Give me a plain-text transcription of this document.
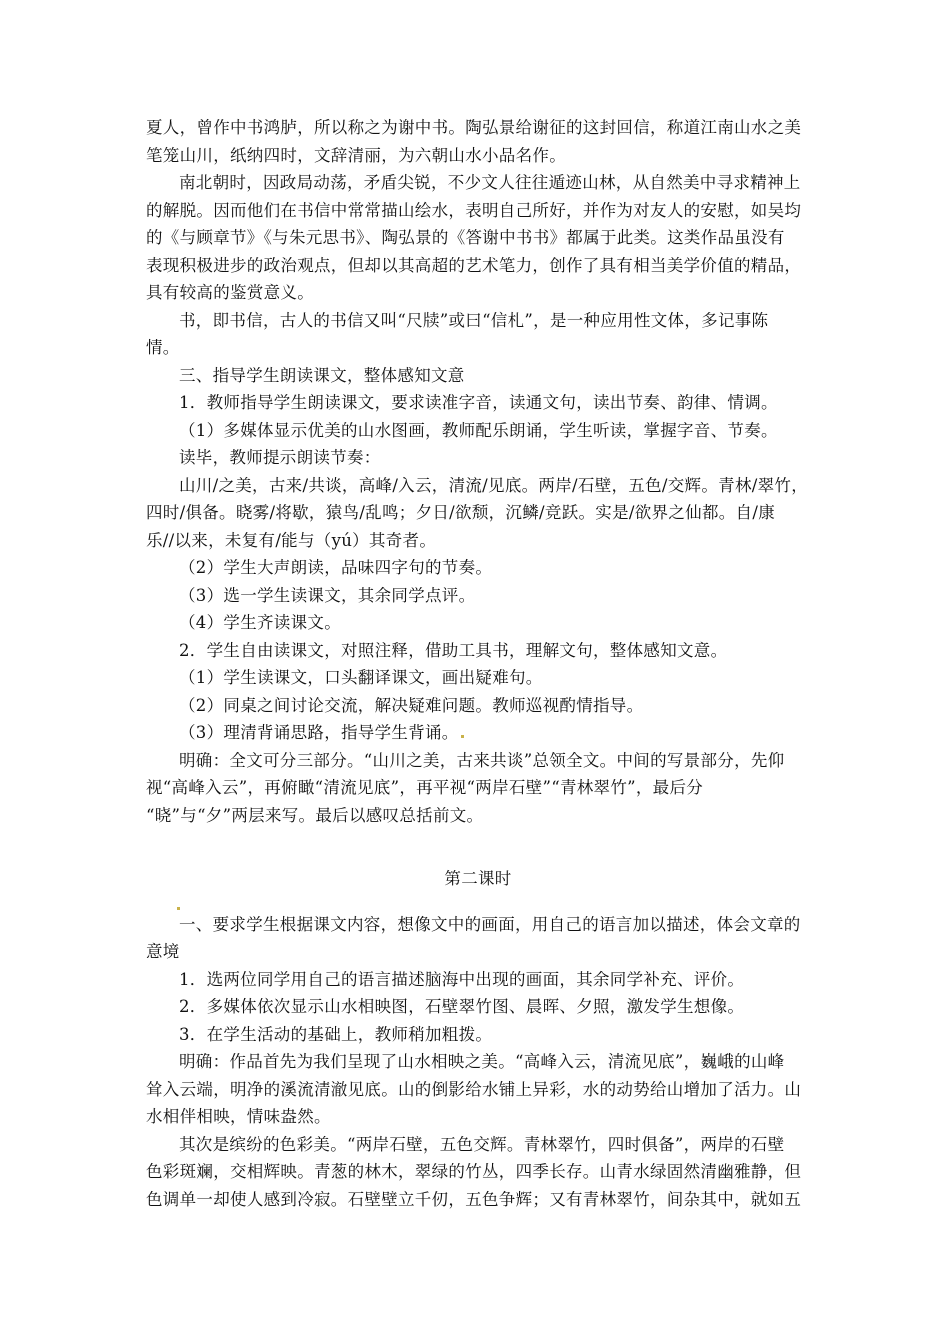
夏人，曾作中书鸿胪，所以称之为谢中书。陶弘景给谢征的这封回信，称道江南山水之美
笔笼山川，纸纳四时，文辞清丽，为六朝山水小品名作。
南北朝时，因政局动荡，矛盾尖锐，不少文人往往遁迹山林，从自然美中寻求精神上
的解脱。因而他们在书信中常常描山绘水，表明自己所好，并作为对友人的安慰，如吴均
的《与顾章节》《与朱元思书》、陶弘景的《答谢中书书》都属于此类。这类作品虽没有
表现积极进步的政治观点，但却以其高超的艺术笔力，创作了具有相当美学价值的精品，
具有较高的鉴赏意义。
书，即书信，古人的书信又叫“尺牍”或曰“信札”，是一种应用性文体，多记事陈
情。
三、指导学生朗读课文，整体感知文意
1．教师指导学生朗读课文，要求读准字音，读通文句，读出节奏、韵律、情调。
（1）多媒体显示优美的山水图画，教师配乐朗诵，学生听读，掌握字音、节奏。
读毕，教师提示朗读节奏：
山川/之美，古来/共谈，高峰/入云，清流/见底。两岸/石壁，五色/交辉。青林/翠竹，
四时/俱备。晓雾/将歇，猿鸟/乱鸣；夕日/欲颓，沉鳞/竞跃。实是/欲界之仙都。自/康
乐//以来，未复有/能与（yú）其奇者。
（2）学生大声朗读，品味四字句的节奏。
（3）选一学生读课文，其余同学点评。
（4）学生齐读课文。
2．学生自由读课文，对照注释，借助工具书，理解文句，整体感知文意。
（1）学生读课文，口头翻译课文，画出疑难句。
（2）同桌之间讨论交流，解决疑难问题。教师巡视酌情指导。
（3）理清背诵思路，指导学生背诵。
明确：全文可分三部分。“山川之美，古来共谈”总领全文。中间的写景部分，先仰
视“高峰入云”，再俯瞰“清流见底”，再平视“两岸石壁”“青林翠竹”，最后分
“晓”与“夕”两层来写。最后以感叹总括前文。
第二课时
一、要求学生根据课文内容，想像文中的画面，用自己的语言加以描述，体会文章的
意境
1．选两位同学用自己的语言描述脑海中出现的画面，其余同学补充、评价。
2．多媒体依次显示山水相映图，石壁翠竹图、晨晖、夕照，激发学生想像。
3．在学生活动的基础上，教师稍加粗拨。
明确：作品首先为我们呈现了山水相映之美。“高峰入云，清流见底”，巍峨的山峰
耸入云端，明净的溪流清澈见底。山的倒影给水铺上异彩，水的动势给山增加了活力。山
水相伴相映，情味盎然。
其次是缤纷的色彩美。“两岸石壁，五色交辉。青林翠竹，四时俱备”，两岸的石壁
色彩斑斓，交相辉映。青葱的林木，翠绿的竹丛，四季长存。山青水绿固然清幽雅静，但
色调单一却使人感到冷寂。石壁壁立千仞，五色争辉；又有青林翠竹，间杂其中，就如五
